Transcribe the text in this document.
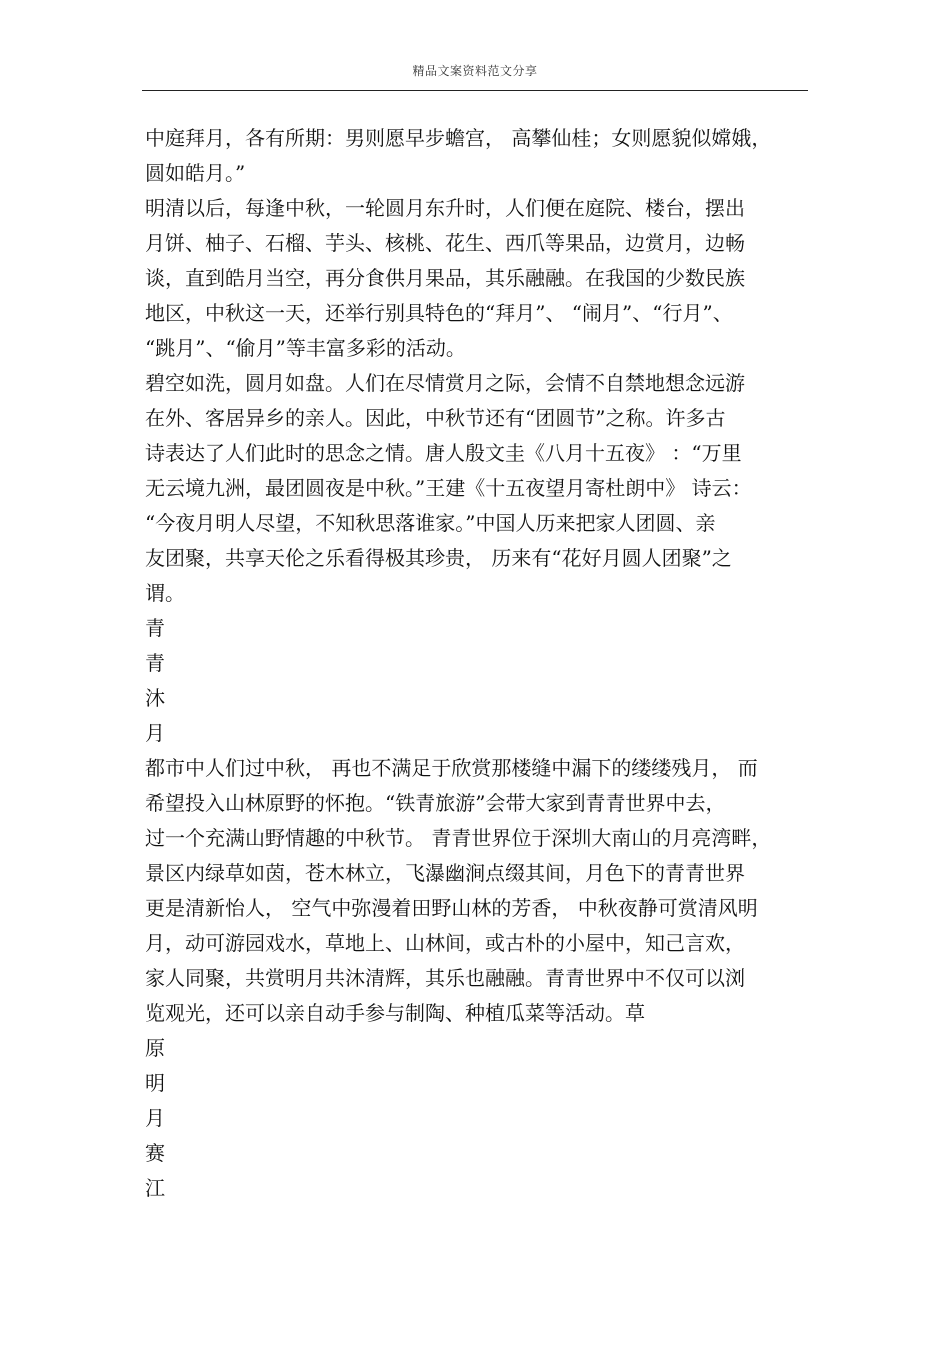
精品文案资料范文分享
中庭拜月，各有所期：男则愿早步蟾宫， 高攀仙桂；女则愿貌似嫦娥，
圆如皓月。”
明清以后，每逢中秋，一轮圆月东升时，人们便在庭院、楼台，摆出
月饼、柚子、石榴、芋头、核桃、花生、西爪等果品，边赏月，边畅
谈，直到皓月当空，再分食供月果品，其乐融融。在我国的少数民族
地区，中秋这一天，还举行别具特色的“拜月”、 “闹月”、“行月”、
“跳月”、“偷月”等丰富多彩的活动。
碧空如洗，圆月如盘。人们在尽情赏月之际，会情不自禁地想念远游
在外、客居异乡的亲人。因此，中秋节还有“团圆节”之称。许多古
诗表达了人们此时的思念之情。唐人殷文圭《八月十五夜》 ：“万里
无云境九洲，最团圆夜是中秋。”王建《十五夜望月寄杜朗中》 诗云：
“今夜月明人尽望，不知秋思落谁家。”中国人历来把家人团圆、亲
友团聚，共享天伦之乐看得极其珍贵， 历来有“花好月圆人团聚”之
谓。
青
青
沐
月
都市中人们过中秋， 再也不满足于欣赏那楼缝中漏下的缕缕残月， 而
希望投入山林原野的怀抱。“铁青旅游”会带大家到青青世界中去，
过一个充满山野情趣的中秋节。 青青世界位于深圳大南山的月亮湾畔，
景区内绿草如茵，苍木林立，飞瀑幽涧点缀其间，月色下的青青世界
更是清新怡人， 空气中弥漫着田野山林的芳香， 中秋夜静可赏清风明
月，动可游园戏水，草地上、山林间，或古朴的小屋中，知己言欢，
家人同聚，共赏明月共沐清辉，其乐也融融。青青世界中不仅可以浏
览观光，还可以亲自动手参与制陶、种植瓜菜等活动。草
原
明
月
赛
江
